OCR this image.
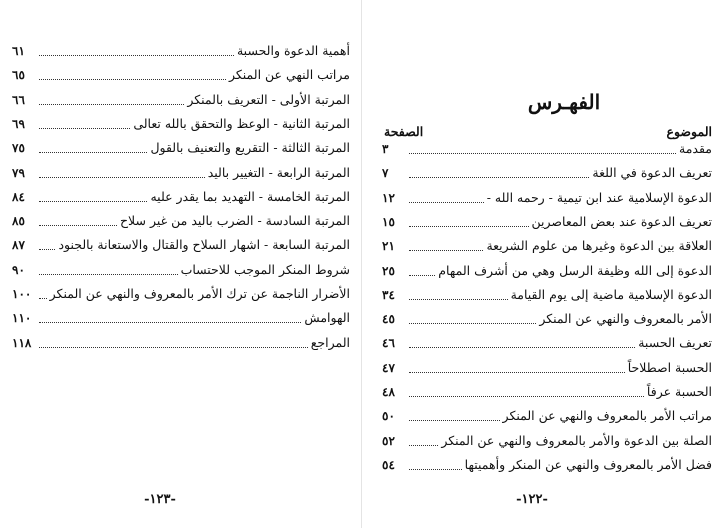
أهمية الدعوة والحسبة
٦١
مراتب النهي عن المنكر
٦٥
المرتبة الأولى - التعريف بالمنكر
٦٦
المرتبة الثانية - الوعظ والتحقق بالله تعالى
٦٩
المرتبة الثالثة - التقريع والتعنيف بالقول
٧٥
المرتبة الرابعة - التغيير باليد
٧٩
المرتبة الخامسة - التهديد بما يقدر عليه
٨٤
المرتبة السادسة - الضرب باليد من غير سلاح
٨٥
المرتبة السابعة - اشهار السلاح والقتال والاستعانة بالجنود
٨٧
شروط المنكر الموجب للاحتساب
٩٠
الأضرار الناجمة عن ترك الأمر بالمعروف والنهي عن المنكر
١٠٠
الهوامش
١١٠
المراجع
١١٨
-١٢٣-
الفهـرس
الموضوع
الصفحة
مقدمة
٣
تعريف الدعوة في اللغة
٧
الدعوة الإسلامية عند ابن تيمية - رحمه الله -
١٢
تعريف الدعوة عند بعض المعاصرين
١٥
العلاقة بين الدعوة وغيرها من علوم الشريعة
٢١
الدعوة إلى الله وظيفة الرسل وهي من أشرف المهام
٢٥
الدعوة الإسلامية ماضية إلى يوم القيامة
٣٤
الأمر بالمعروف والنهي عن المنكر
٤٥
تعريف الحسبة
٤٦
الحسبة اصطلاحاً
٤٧
الحسبة عرفاً
٤٨
مراتب الأمر بالمعروف والنهي عن المنكر
٥٠
الصلة بين الدعوة والأمر بالمعروف والنهي عن المنكر
٥٢
فضل الأمر بالمعروف والنهي عن المنكر وأهميتها
٥٤
-١٢٢-
